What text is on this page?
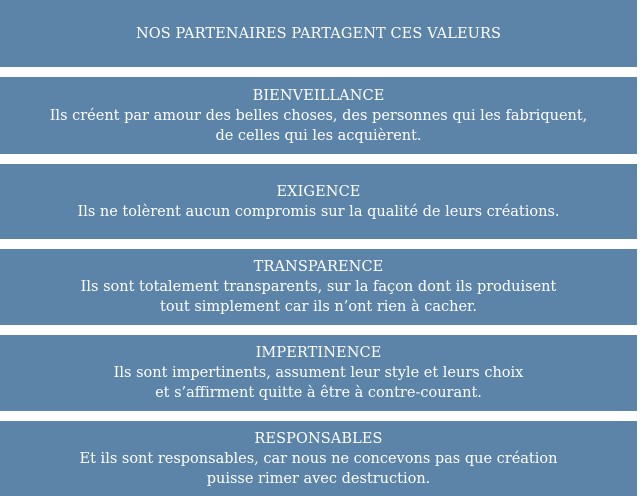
NOS PARTENAIRES PARTAGENT CES VALEURS
BIENVEILLANCE
Ils créent par amour des belles choses, des personnes qui les fabriquent,
de celles qui les acquièrent.
EXIGENCE
Ils ne tolèrent aucun compromis sur la qualité de leurs créations.
TRANSPARENCE
Ils sont totalement transparents, sur la façon dont ils produisent
tout simplement car ils n’ont rien à cacher.
IMPERTINENCE
Ils sont impertinents, assument leur style et leurs choix
et s’affirment quitte à être à contre-courant.
RESPONSABLES
Et ils sont responsables, car nous ne concevons pas que création
puisse rimer avec destruction.
